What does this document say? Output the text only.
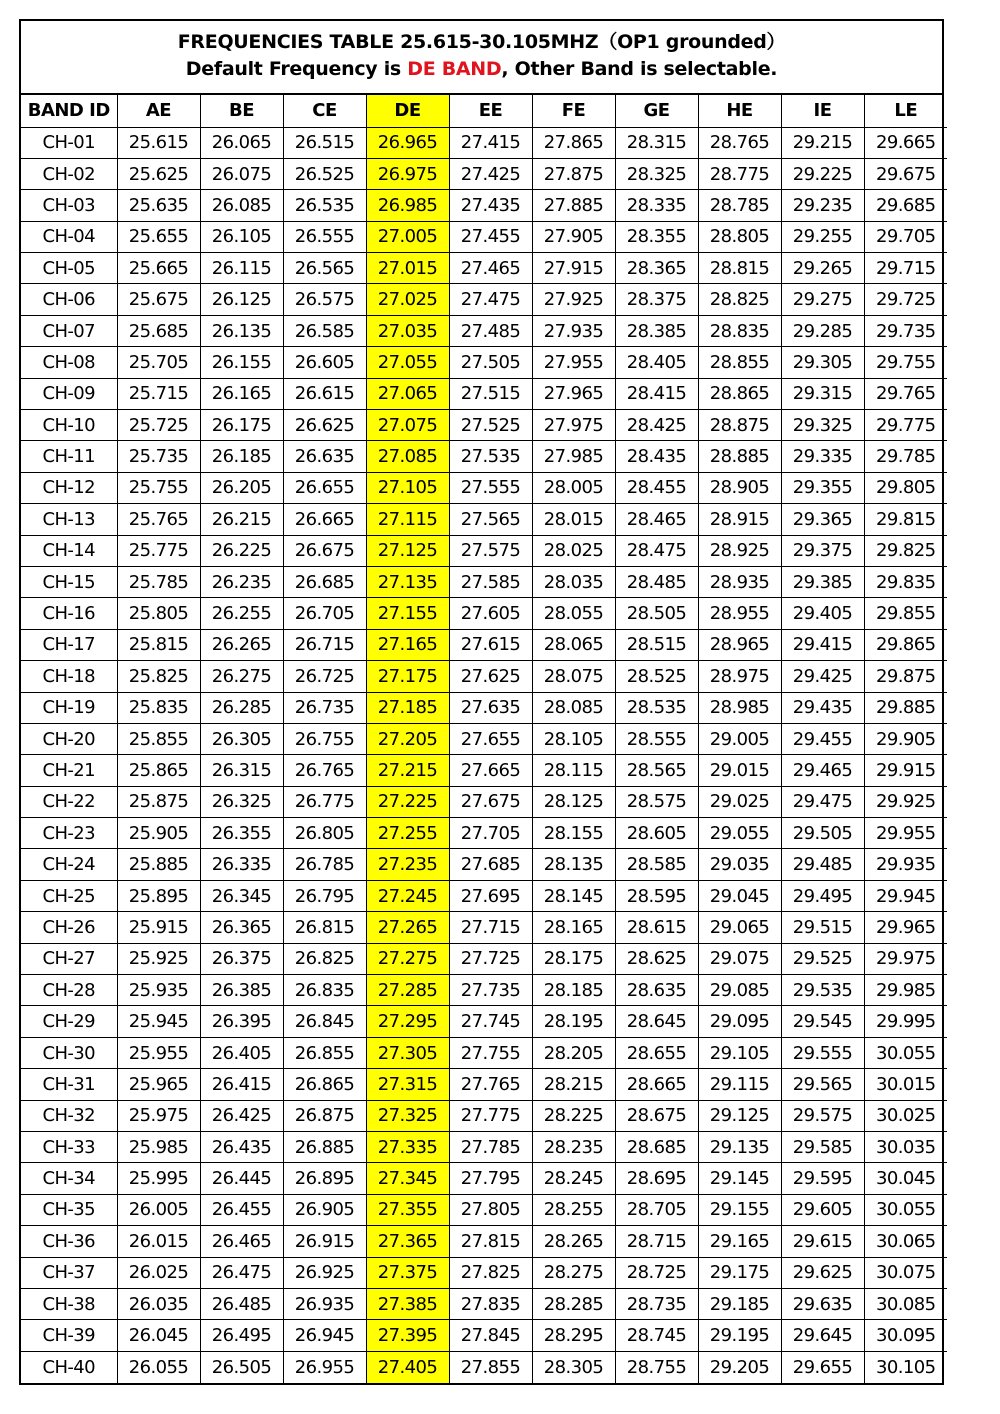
FREQUENCIES TABLE 25.615-30.105MHZ（OP1 grounded）
Default Frequency is DE BAND, Other Band is selectable.
BAND ID	AE	BE	CE	DE	EE	FE	GE	HE	IE	LE
CH-01	25.615	26.065	26.515	26.965	27.415	27.865	28.315	28.765	29.215	29.665
CH-02	25.625	26.075	26.525	26.975	27.425	27.875	28.325	28.775	29.225	29.675
CH-03	25.635	26.085	26.535	26.985	27.435	27.885	28.335	28.785	29.235	29.685
CH-04	25.655	26.105	26.555	27.005	27.455	27.905	28.355	28.805	29.255	29.705
CH-05	25.665	26.115	26.565	27.015	27.465	27.915	28.365	28.815	29.265	29.715
CH-06	25.675	26.125	26.575	27.025	27.475	27.925	28.375	28.825	29.275	29.725
CH-07	25.685	26.135	26.585	27.035	27.485	27.935	28.385	28.835	29.285	29.735
CH-08	25.705	26.155	26.605	27.055	27.505	27.955	28.405	28.855	29.305	29.755
CH-09	25.715	26.165	26.615	27.065	27.515	27.965	28.415	28.865	29.315	29.765
CH-10	25.725	26.175	26.625	27.075	27.525	27.975	28.425	28.875	29.325	29.775
CH-11	25.735	26.185	26.635	27.085	27.535	27.985	28.435	28.885	29.335	29.785
CH-12	25.755	26.205	26.655	27.105	27.555	28.005	28.455	28.905	29.355	29.805
CH-13	25.765	26.215	26.665	27.115	27.565	28.015	28.465	28.915	29.365	29.815
CH-14	25.775	26.225	26.675	27.125	27.575	28.025	28.475	28.925	29.375	29.825
CH-15	25.785	26.235	26.685	27.135	27.585	28.035	28.485	28.935	29.385	29.835
CH-16	25.805	26.255	26.705	27.155	27.605	28.055	28.505	28.955	29.405	29.855
CH-17	25.815	26.265	26.715	27.165	27.615	28.065	28.515	28.965	29.415	29.865
CH-18	25.825	26.275	26.725	27.175	27.625	28.075	28.525	28.975	29.425	29.875
CH-19	25.835	26.285	26.735	27.185	27.635	28.085	28.535	28.985	29.435	29.885
CH-20	25.855	26.305	26.755	27.205	27.655	28.105	28.555	29.005	29.455	29.905
CH-21	25.865	26.315	26.765	27.215	27.665	28.115	28.565	29.015	29.465	29.915
CH-22	25.875	26.325	26.775	27.225	27.675	28.125	28.575	29.025	29.475	29.925
CH-23	25.905	26.355	26.805	27.255	27.705	28.155	28.605	29.055	29.505	29.955
CH-24	25.885	26.335	26.785	27.235	27.685	28.135	28.585	29.035	29.485	29.935
CH-25	25.895	26.345	26.795	27.245	27.695	28.145	28.595	29.045	29.495	29.945
CH-26	25.915	26.365	26.815	27.265	27.715	28.165	28.615	29.065	29.515	29.965
CH-27	25.925	26.375	26.825	27.275	27.725	28.175	28.625	29.075	29.525	29.975
CH-28	25.935	26.385	26.835	27.285	27.735	28.185	28.635	29.085	29.535	29.985
CH-29	25.945	26.395	26.845	27.295	27.745	28.195	28.645	29.095	29.545	29.995
CH-30	25.955	26.405	26.855	27.305	27.755	28.205	28.655	29.105	29.555	30.055
CH-31	25.965	26.415	26.865	27.315	27.765	28.215	28.665	29.115	29.565	30.015
CH-32	25.975	26.425	26.875	27.325	27.775	28.225	28.675	29.125	29.575	30.025
CH-33	25.985	26.435	26.885	27.335	27.785	28.235	28.685	29.135	29.585	30.035
CH-34	25.995	26.445	26.895	27.345	27.795	28.245	28.695	29.145	29.595	30.045
CH-35	26.005	26.455	26.905	27.355	27.805	28.255	28.705	29.155	29.605	30.055
CH-36	26.015	26.465	26.915	27.365	27.815	28.265	28.715	29.165	29.615	30.065
CH-37	26.025	26.475	26.925	27.375	27.825	28.275	28.725	29.175	29.625	30.075
CH-38	26.035	26.485	26.935	27.385	27.835	28.285	28.735	29.185	29.635	30.085
CH-39	26.045	26.495	26.945	27.395	27.845	28.295	28.745	29.195	29.645	30.095
CH-40	26.055	26.505	26.955	27.405	27.855	28.305	28.755	29.205	29.655	30.105
